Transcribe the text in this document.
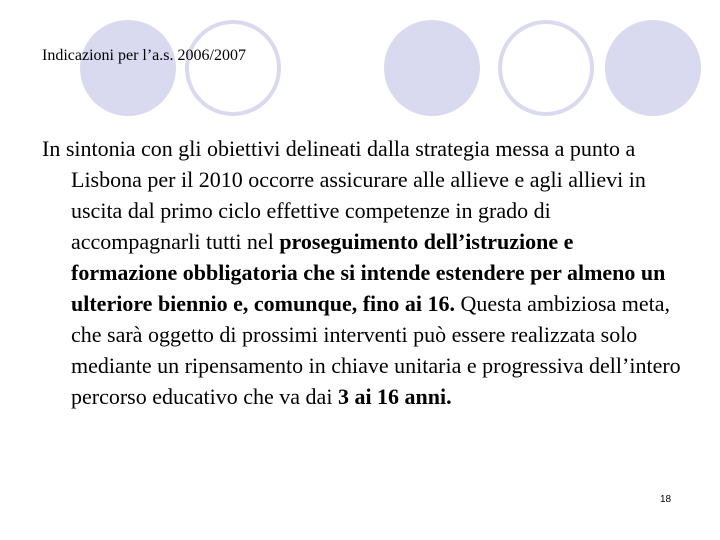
Indicazioni per l’a.s. 2006/2007
In sintonia con gli obiettivi delineati dalla strategia messa a punto a Lisbona per il 2010 occorre assicurare alle allieve e agli allievi in uscita dal primo ciclo effettive competenze in grado di accompagnarli tutti nel proseguimento dell’istruzione e formazione obbligatoria che si intende estendere per almeno un ulteriore biennio e, comunque, fino ai 16. Questa ambiziosa meta, che sarà oggetto di prossimi interventi può essere realizzata solo mediante un ripensamento in chiave unitaria e progressiva dell’intero percorso educativo che va dai 3 ai 16 anni.
18
